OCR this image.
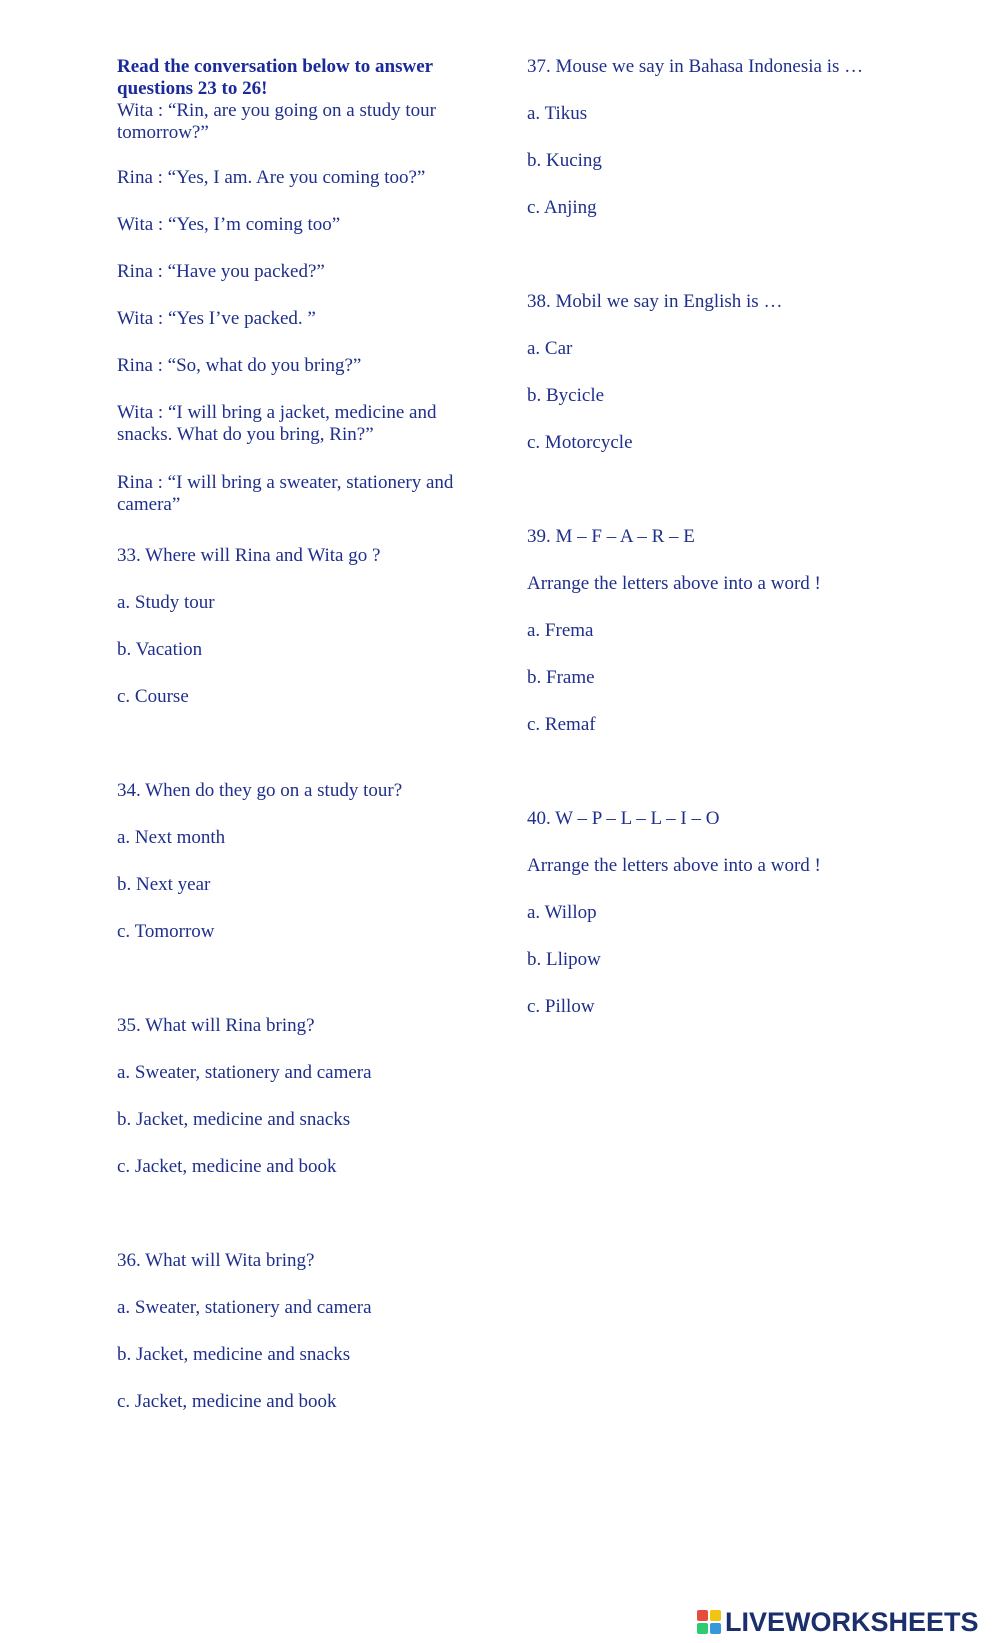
Read the conversation below to answer questions 23 to 26!
Wita : “Rin, are you going on a study tour tomorrow?”
Rina : “Yes, I am. Are you coming too?”
Wita : “Yes, I’m coming too”
Rina : “Have you packed?”
Wita : “Yes I’ve packed. ”
Rina : “So, what do you bring?”
Wita : “I will bring a jacket, medicine and snacks. What do you bring, Rin?”
Rina : “I will bring a sweater, stationery and camera”
33. Where will Rina and Wita go ?
a. Study tour
b. Vacation
c. Course
34. When do they go on a study tour?
a. Next month
b. Next year
c. Tomorrow
35. What will Rina bring?
a. Sweater, stationery and camera
b. Jacket, medicine and snacks
c. Jacket, medicine and book
36. What will Wita bring?
a. Sweater, stationery and camera
b. Jacket, medicine and snacks
c. Jacket, medicine and book
37. Mouse we say in Bahasa Indonesia is …
a. Tikus
b. Kucing
c. Anjing
38. Mobil we say in English is …
a. Car
b. Bycicle
c. Motorcycle
39. M – F – A – R – E
Arrange the letters above into a word !
a. Frema
b. Frame
c. Remaf
40. W – P – L – L – I – O
Arrange the letters above into a word !
a. Willop
b. Llipow
c. Pillow
LIVEWORKSHEETS
